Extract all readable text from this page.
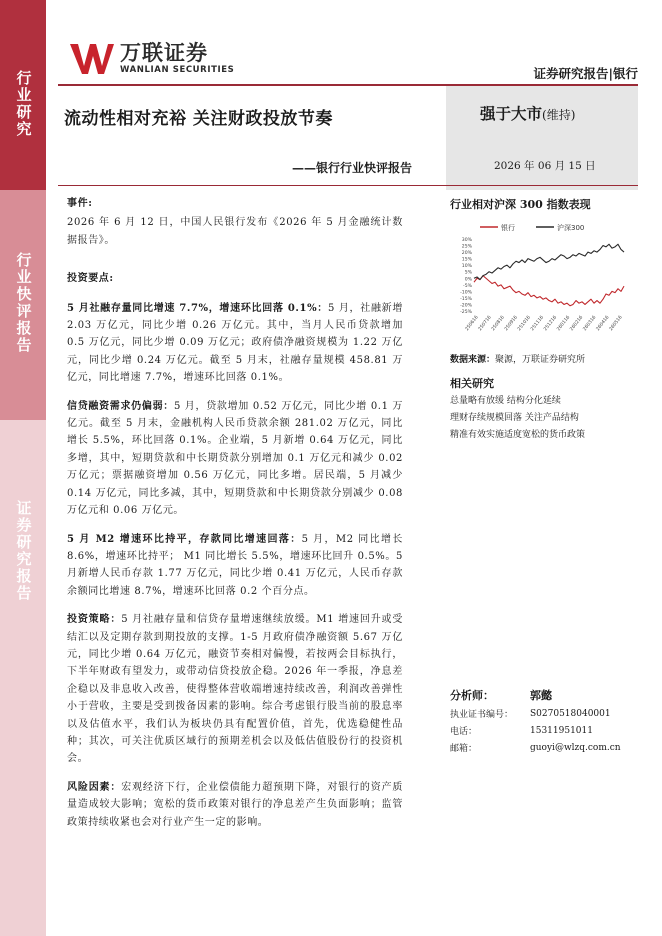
行业研究
行业快评报告
证券研究报告
万联证券
WANLIAN SECURITIES	证券研究报告|银行
流动性相对充裕 关注财政投放节奏
——银行行业快评报告
强于大市(维持)
2026 年 06 月 15 日
事件:

2026 年 6 月 12 日，中国人民银行发布《2026 年 5 月金融统计数据报告》。

投资要点:

5 月社融存量同比增速 7.7%，增速环比回落 0.1%：5 月，社融新增 2.03 万亿元，同比少增 0.26 万亿元。其中，当月人民币贷款增加 0.5 万亿元，同比少增 0.09 万亿元；政府债净融资规模为 1.22 万亿元，同比少增 0.24 万亿元。截至 5 月末，社融存量规模 458.81 万亿元，同比增速 7.7%，增速环比回落 0.1%。

信贷融资需求仍偏弱：5 月，贷款增加 0.52 万亿元，同比少增 0.1 万亿元。截至 5 月末，金融机构人民币贷款余额 281.02 万亿元，同比增长 5.5%，环比回落 0.1%。企业端，5 月新增 0.64 万亿元，同比多增，其中，短期贷款和中长期贷款分别增加 0.1 万亿元和减少 0.02 万亿元；票据融资增加 0.56 万亿元，同比多增。居民端，5 月减少 0.14 万亿元，同比多减，其中，短期贷款和中长期贷款分别减少 0.08 万亿元和 0.06 万亿元。

5 月 M2 增速环比持平，存款同比增速回落：5 月，M2 同比增长 8.6%，增速环比持平； M1 同比增长 5.5%，增速环比回升 0.5%。5 月新增人民币存款 1.77 万亿元，同比少增 0.41 万亿元，人民币存款余额同比增速 8.7%，增速环比回落 0.2 个百分点。

投资策略：5 月社融存量和信贷存量增速继续放缓。M1 增速回升或受结汇以及定期存款到期投放的支撑。1-5 月政府债净融资额 5.67 万亿元，同比少增 0.64 万亿元，融资节奏相对偏慢，若按两会目标执行，下半年财政有望发力，或带动信贷投放企稳。2026 年一季报，净息差企稳以及非息收入改善，使得整体营收端增速持续改善，利润改善弹性小于营收，主要是受到拨备因素的影响。综合考虑银行股当前的股息率以及估值水平，我们认为板块仍具有配置价值，首先，优选稳健性品种；其次，可关注优质区域行的预期差机会以及低估值股份行的投资机会。

风险因素：宏观经济下行，企业偿债能力超预期下降，对银行的资产质量造成较大影响；宽松的货币政策对银行的净息差产生负面影响；监管政策持续收紧也会对行业产生一定的影响。

行业相对沪深 300 指数表现
银行	沪深300
30%
25%
20%
15%
10%
5%
0%
-5%
-10%
-15%
-20%
-25%
250616
250716
250816
250916
251016
251116
251216
260116
260216
260316
260416
260516
数据来源：聚源，万联证券研究所
相关研究
总量略有放缓 结构分化延续
理财存续规模回落 关注产品结构
精准有效实施适度宽松的货币政策
分析师：	郭懿
执业证书编号：	S0270518040001
电话：	15311951011
邮箱：	guoyi@wlzq.com.cn
